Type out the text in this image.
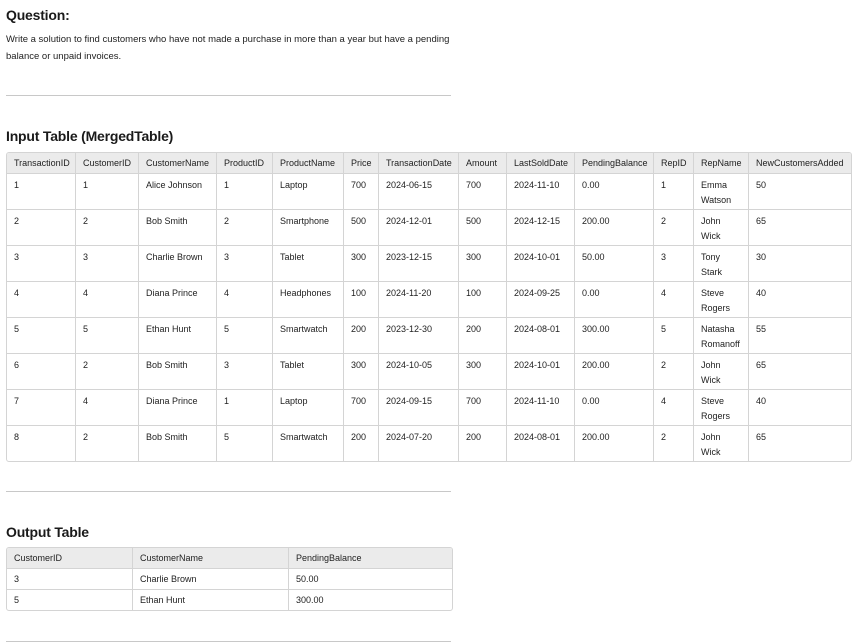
Question:
Write a solution to find customers who have not made a purchase in more than a year but have a pending balance or unpaid invoices.
Input Table (MergedTable)
TransactionID	CustomerID	CustomerName	ProductID	ProductName	Price	TransactionDate	Amount	LastSoldDate	PendingBalance	RepID	RepName	NewCustomersAdded
1	1	Alice Johnson	1	Laptop	700	2024-06-15	700	2024-11-10	0.00	1	Emma Watson	50
2	2	Bob Smith	2	Smartphone	500	2024-12-01	500	2024-12-15	200.00	2	John Wick	65
3	3	Charlie Brown	3	Tablet	300	2023-12-15	300	2024-10-01	50.00	3	Tony Stark	30
4	4	Diana Prince	4	Headphones	100	2024-11-20	100	2024-09-25	0.00	4	Steve Rogers	40
5	5	Ethan Hunt	5	Smartwatch	200	2023-12-30	200	2024-08-01	300.00	5	Natasha Romanoff	55
6	2	Bob Smith	3	Tablet	300	2024-10-05	300	2024-10-01	200.00	2	John Wick	65
7	4	Diana Prince	1	Laptop	700	2024-09-15	700	2024-11-10	0.00	4	Steve Rogers	40
8	2	Bob Smith	5	Smartwatch	200	2024-07-20	200	2024-08-01	200.00	2	John Wick	65
Output Table
CustomerID	CustomerName	PendingBalance
3	Charlie Brown	50.00
5	Ethan Hunt	300.00
